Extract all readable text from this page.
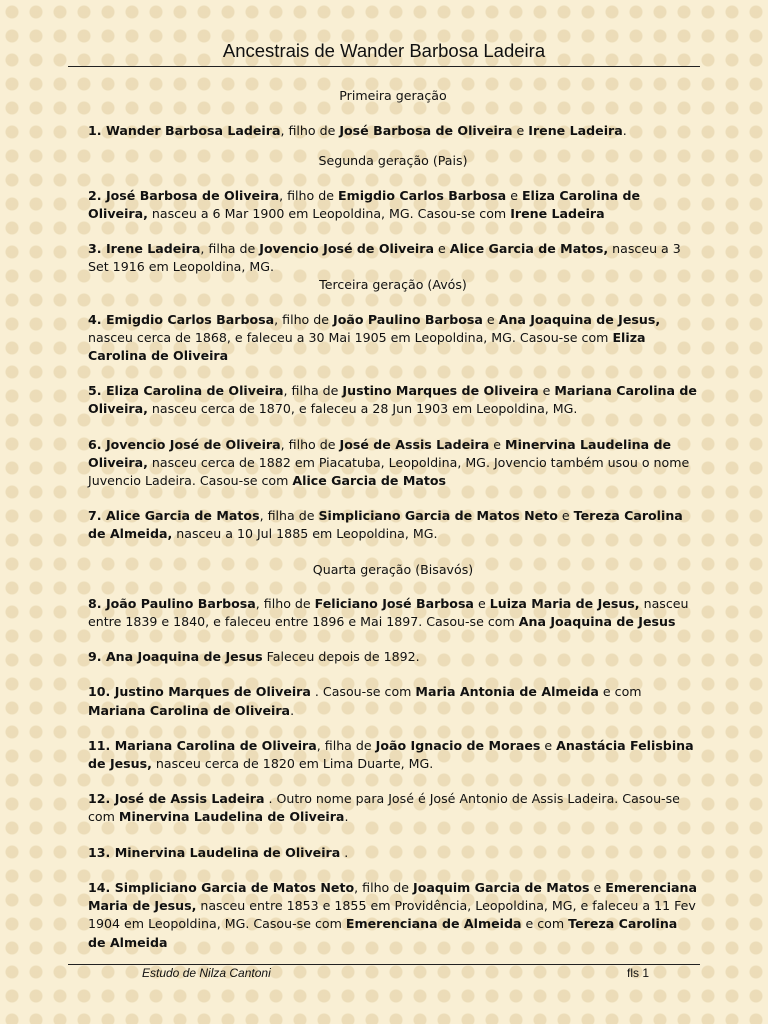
Ancestrais de Wander Barbosa Ladeira

Primeira geração

1. Wander Barbosa Ladeira, filho de José Barbosa de Oliveira e Irene Ladeira.

Segunda geração (Pais)

2. José Barbosa de Oliveira, filho de Emigdio Carlos Barbosa e Eliza Carolina de Oliveira, nasceu a 6 Mar 1900 em Leopoldina, MG. Casou-se com Irene Ladeira

3. Irene Ladeira, filha de Jovencio José de Oliveira e Alice Garcia de Matos, nasceu a 3 Set 1916 em Leopoldina, MG.

Terceira geração (Avós)

4. Emigdio Carlos Barbosa, filho de João Paulino Barbosa e Ana Joaquina de Jesus, nasceu cerca de 1868, e faleceu a 30 Mai 1905 em Leopoldina, MG. Casou-se com Eliza Carolina de Oliveira

5. Eliza Carolina de Oliveira, filha de Justino Marques de Oliveira e Mariana Carolina de Oliveira, nasceu cerca de 1870, e faleceu a 28 Jun 1903 em Leopoldina, MG.

6. Jovencio José de Oliveira, filho de José de Assis Ladeira e Minervina Laudelina de Oliveira, nasceu cerca de 1882 em Piacatuba, Leopoldina, MG. Jovencio também usou o nome Juvencio Ladeira. Casou-se com Alice Garcia de Matos

7. Alice Garcia de Matos, filha de Simpliciano Garcia de Matos Neto e Tereza Carolina de Almeida, nasceu a 10 Jul 1885 em Leopoldina, MG.

Quarta geração (Bisavós)

8. João Paulino Barbosa, filho de Feliciano José Barbosa e Luiza Maria de Jesus, nasceu entre 1839 e 1840, e faleceu entre 1896 e Mai 1897. Casou-se com Ana Joaquina de Jesus

9. Ana Joaquina de Jesus Faleceu depois de 1892.

10. Justino Marques de Oliveira . Casou-se com Maria Antonia de Almeida e com Mariana Carolina de Oliveira.

11. Mariana Carolina de Oliveira, filha de João Ignacio de Moraes e Anastácia Felisbina de Jesus, nasceu cerca de 1820 em Lima Duarte, MG.

12. José de Assis Ladeira . Outro nome para José é José Antonio de Assis Ladeira. Casou-se com Minervina Laudelina de Oliveira.

13. Minervina Laudelina de Oliveira .

14. Simpliciano Garcia de Matos Neto, filho de Joaquim Garcia de Matos e Emerenciana Maria de Jesus, nasceu entre 1853 e 1855 em Providência, Leopoldina, MG, e faleceu a 11 Fev 1904 em Leopoldina, MG. Casou-se com Emerenciana de Almeida e com Tereza Carolina de Almeida

Estudo de Nilza Cantoni	fls 1
